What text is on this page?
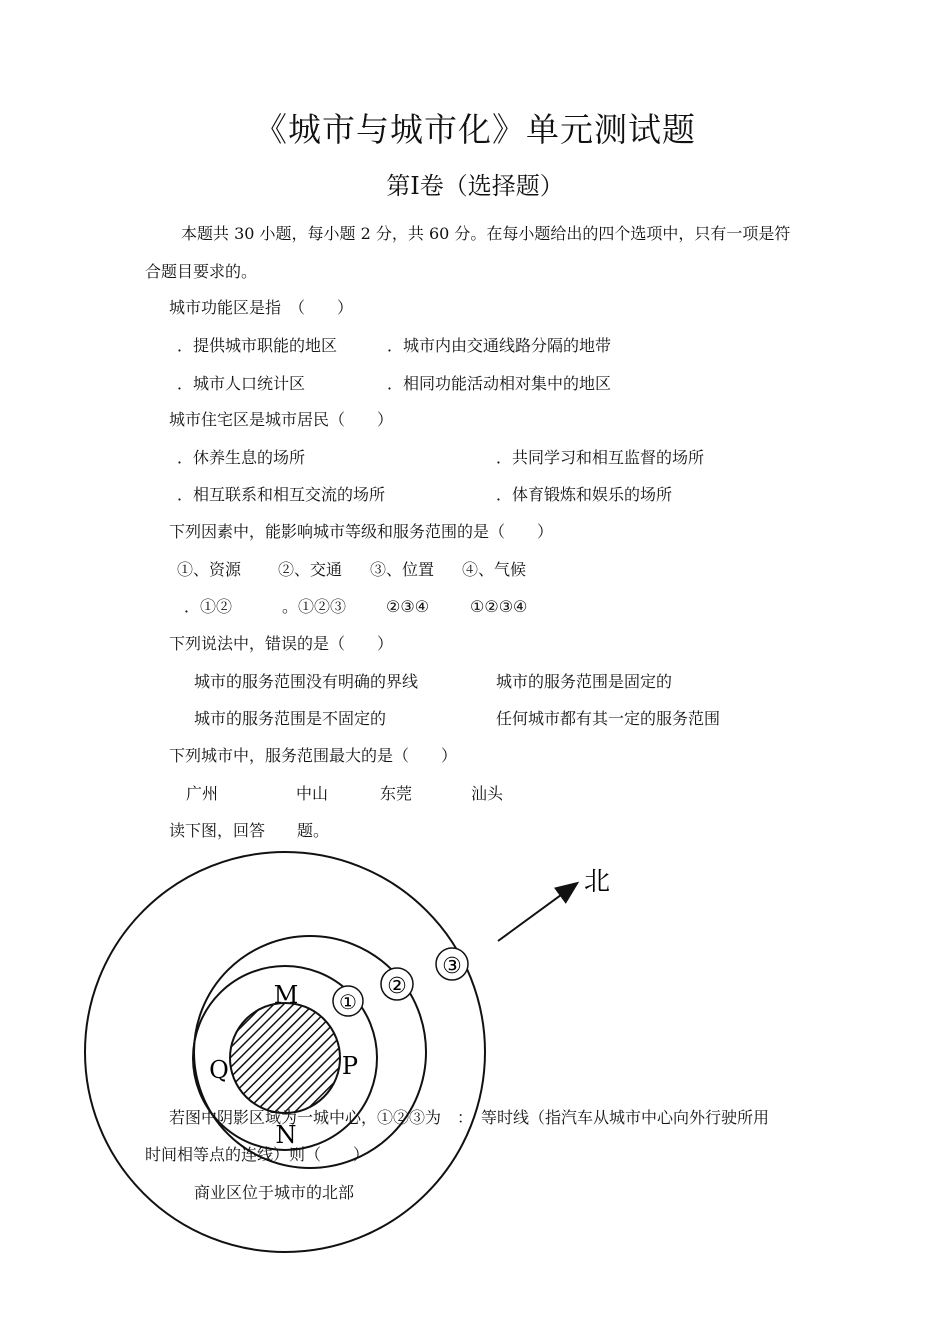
《城市与城市化》单元测试题
第Ⅰ卷（选择题）
本题共 30 小题，每小题 2 分，共 60 分。在每小题给出的四个选项中，只有一项是符
合题目要求的。
城市功能区是指　（　　）
．提供城市职能的地区	．城市内由交通线路分隔的地带
．城市人口统计区	．相同功能活动相对集中的地区
城市住宅区是城市居民（　　）
．休养生息的场所	．共同学习和相互监督的场所
．相互联系和相互交流的场所	．体育锻炼和娱乐的场所
下列因素中，能影响城市等级和服务范围的是（　　）
①、资源 ②、交通 ③、位置 ④、气候
．①②	。①②③ ②③④	①②③④
下列说法中，错误的是（　　）
城市的服务范围没有明确的界线	城市的服务范围是固定的
城市的服务范围是不固定的	任何城市都有其一定的服务范围
下列城市中，服务范围最大的是（　　）
广州	中山	东莞	汕头
读下图，回答　　题。
①
②
③
M
P
Q
N
北
若图中阴影区域为一城中心，①②③为　：　等时线（指汽车从城市中心向外行驶所用
时间相等点的连线）则（　　）
商业区位于城市的北部
